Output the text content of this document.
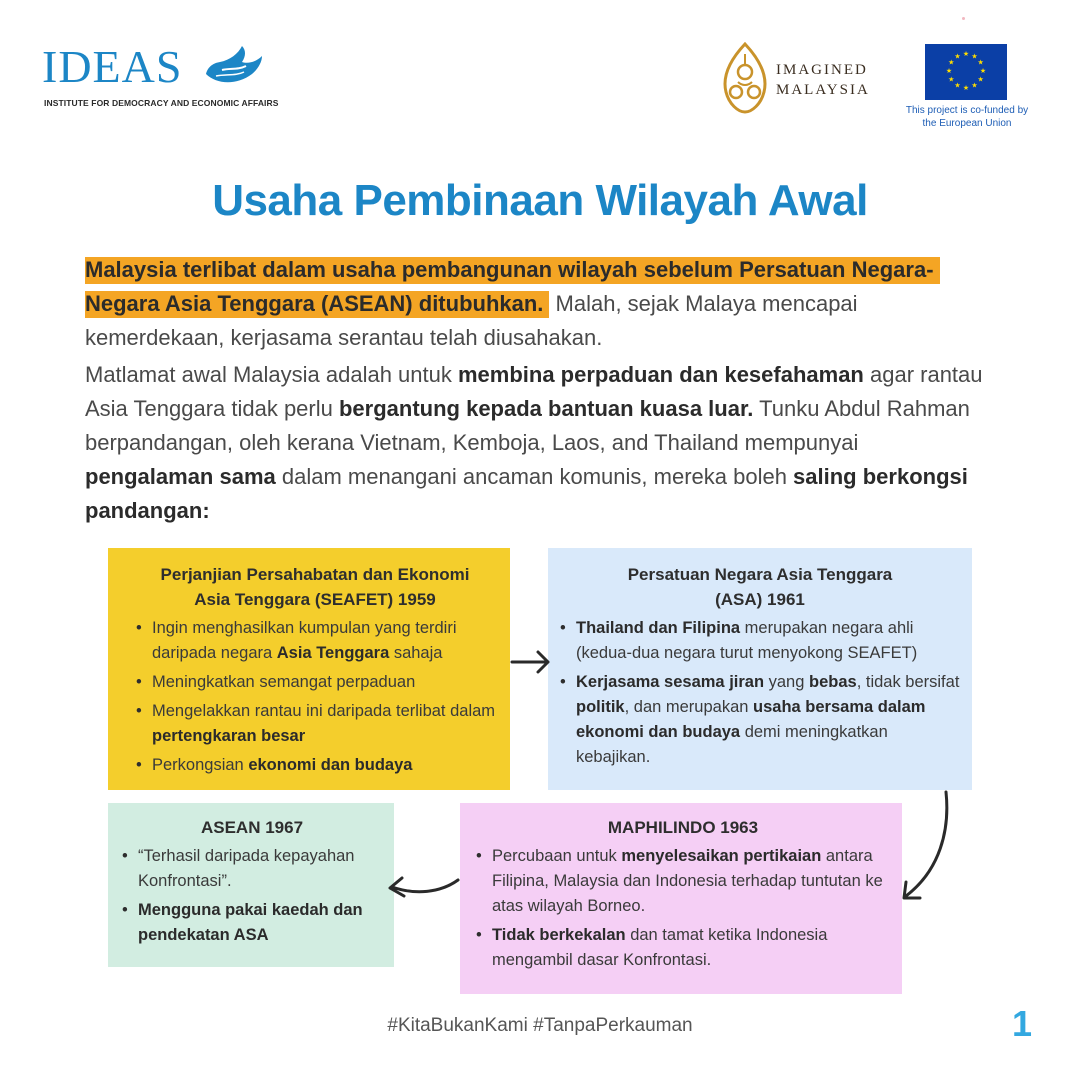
IDEAS
INSTITUTE FOR DEMOCRACY AND ECONOMIC AFFAIRS
IMAGINED
MALAYSIA
★ ★
★
★
★
★
★
★
★
★
★
★
This project is co-funded by
the European Union
Usaha Pembinaan Wilayah Awal
Malaysia terlibat dalam usaha pembangunan wilayah sebelum Persatuan Negara-Negara Asia Tenggara (ASEAN) ditubuhkan. Malah, sejak Malaya mencapai kemerdekaan, kerjasama serantau telah diusahakan.
Matlamat awal Malaysia adalah untuk membina perpaduan dan kesefahaman agar rantau Asia Tenggara tidak perlu bergantung kepada bantuan kuasa luar. Tunku Abdul Rahman berpandangan, oleh kerana Vietnam, Kemboja, Laos, and Thailand mempunyai pengalaman sama dalam menangani ancaman komunis, mereka boleh saling berkongsi pandangan:
Perjanjian Persahabatan dan Ekonomi
Asia Tenggara (SEAFET) 1959
• Ingin menghasilkan kumpulan yang terdiri daripada negara Asia Tenggara sahaja
• Meningkatkan semangat perpaduan
• Mengelakkan rantau ini daripada terlibat dalam pertengkaran besar
• Perkongsian ekonomi dan budaya
Persatuan Negara Asia Tenggara
(ASA) 1961
• Thailand dan Filipina merupakan negara ahli (kedua-dua negara turut menyokong SEAFET)
• Kerjasama sesama jiran yang bebas, tidak bersifat politik, dan merupakan usaha bersama dalam ekonomi dan budaya demi meningkatkan kebajikan.
MAPHILINDO 1963
• Percubaan untuk menyelesaikan pertikaian antara Filipina, Malaysia dan Indonesia terhadap tuntutan ke atas wilayah Borneo.
• Tidak berkekalan dan tamat ketika Indonesia mengambil dasar Konfrontasi.
ASEAN 1967
• “Terhasil daripada kepayahan Konfrontasi”.
• Mengguna pakai kaedah dan pendekatan ASA
#KitaBukanKami #TanpaPerkauman	1
